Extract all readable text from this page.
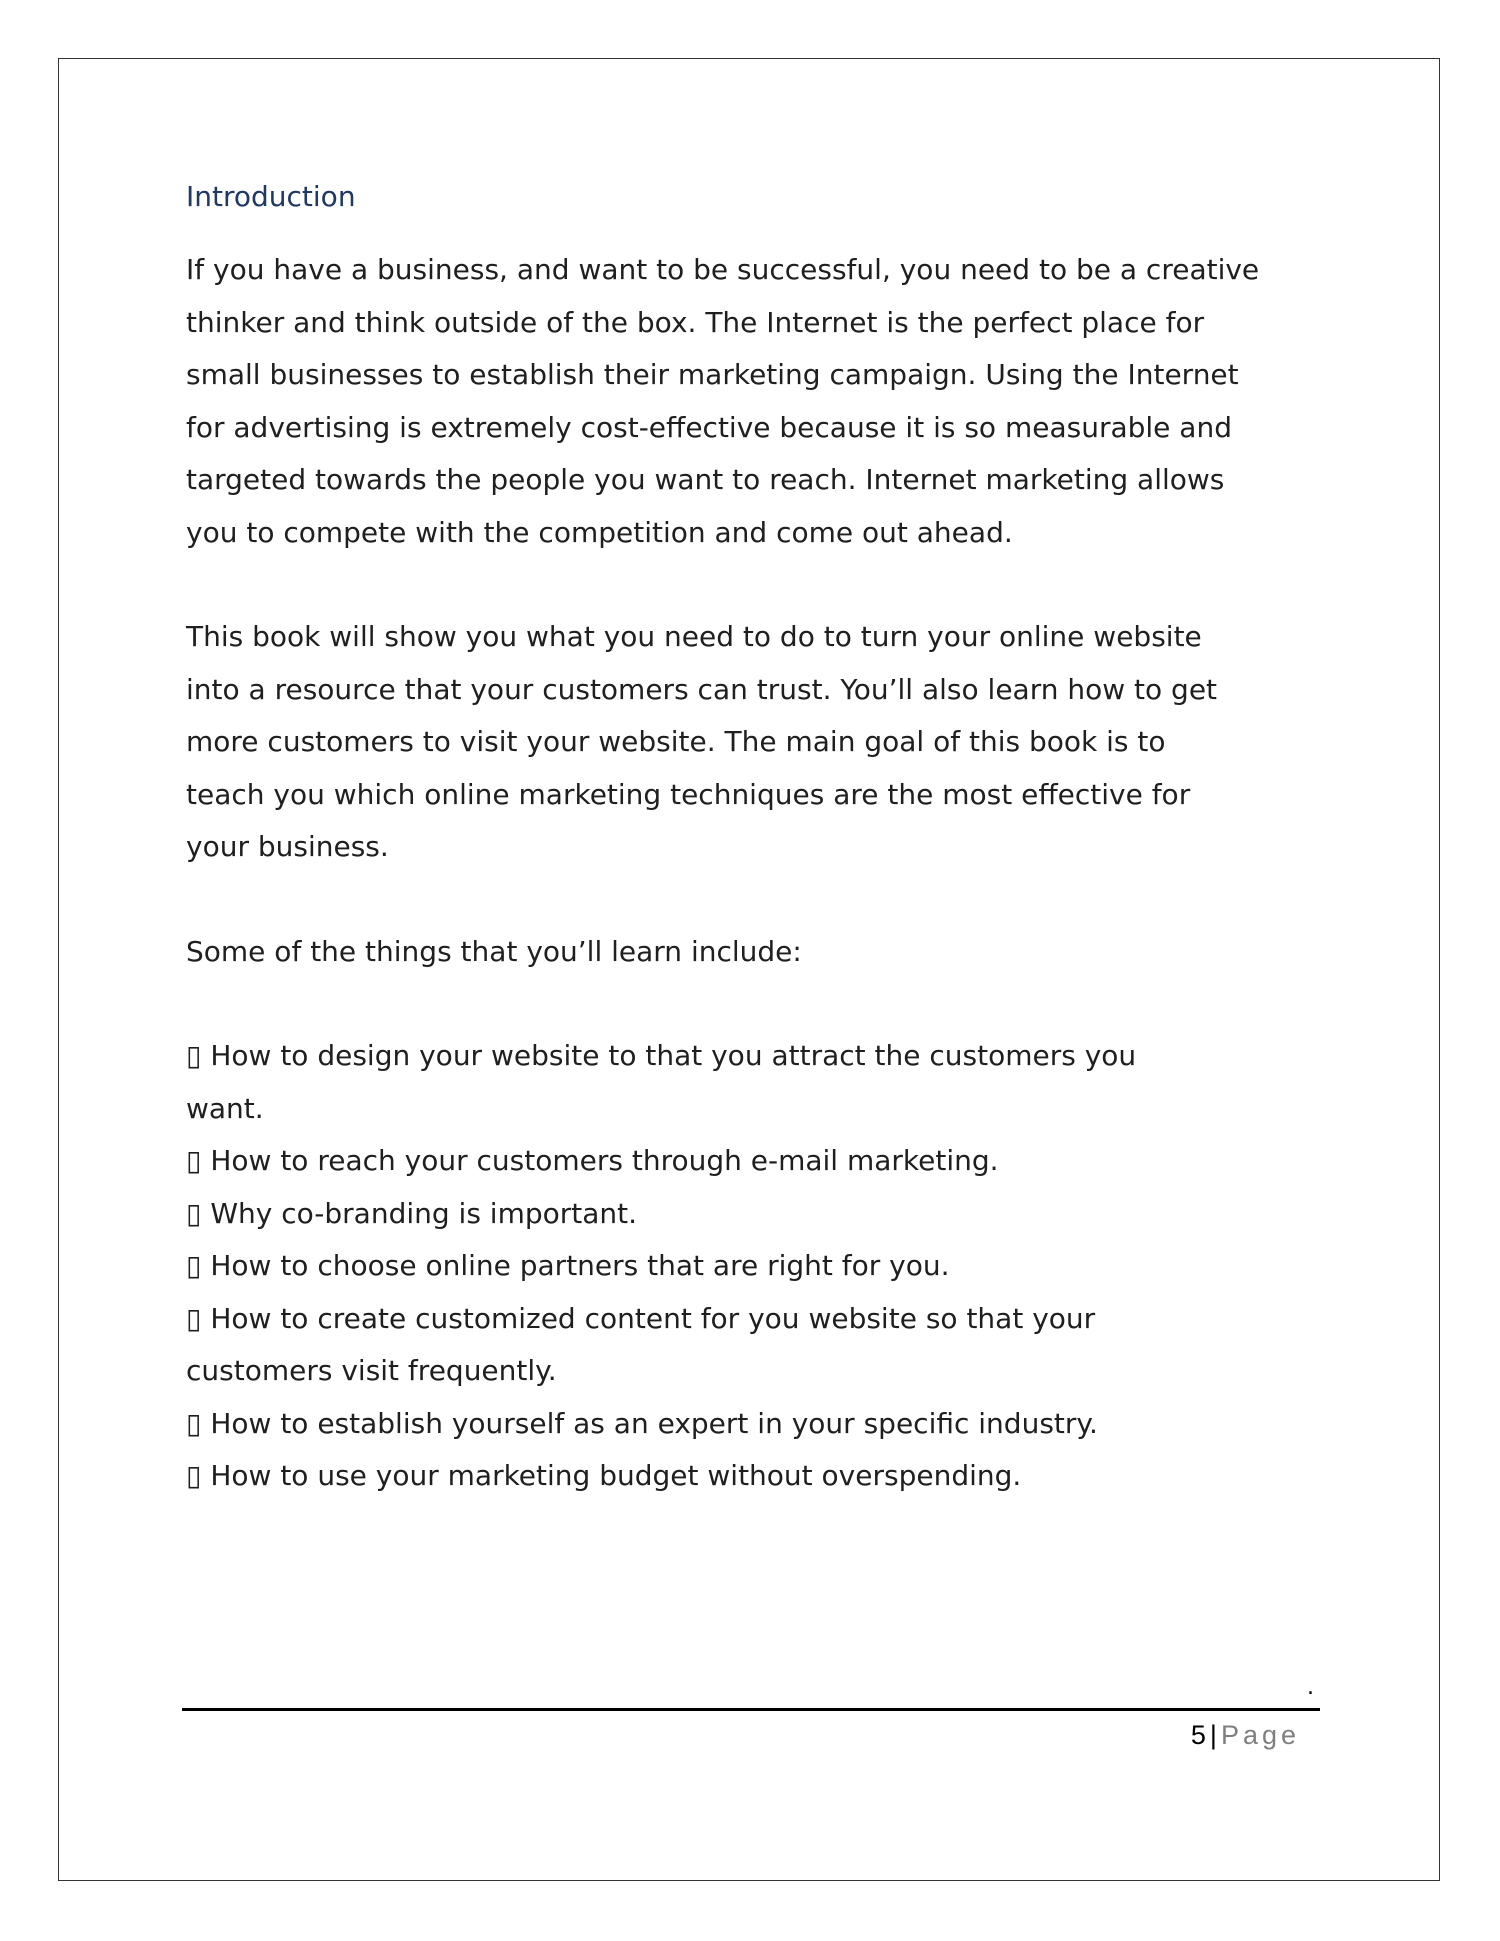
Introduction

If you have a business, and want to be successful, you need to be a creative
thinker and think outside of the box. The Internet is the perfect place for
small businesses to establish their marketing campaign. Using the Internet
for advertising is extremely cost-effective because it is so measurable and
targeted towards the people you want to reach. Internet marketing allows
you to compete with the competition and come out ahead.

This book will show you what you need to do to turn your online website
into a resource that your customers can trust. You’ll also learn how to get
more customers to visit your website. The main goal of this book is to
teach you which online marketing techniques are the most effective for
your business.

Some of the things that you’ll learn include:

▯ How to design your website to that you attract the customers you
want.
▯ How to reach your customers through e-mail marketing.
▯ Why co-branding is important.
▯ How to choose online partners that are right for you.
▯ How to create customized content for you website so that your
customers visit frequently.
▯ How to establish yourself as an expert in your specific industry.
▯ How to use your marketing budget without overspending.
.
5 | Page
